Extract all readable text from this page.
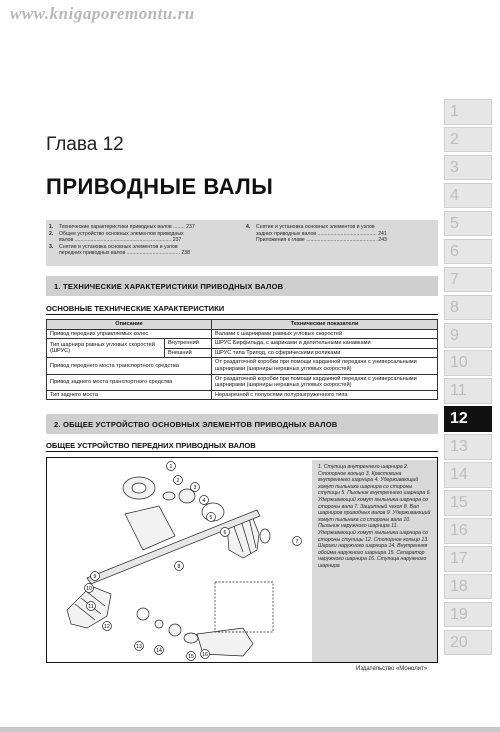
www.knigaporemontu.ru
Глава 12
ПРИВОДНЫЕ ВАЛЫ
1.	Технические характеристики приводных валов ........ 237
2.	Общее устройство основных элементов приводных
валов ................................................................... 237
3.	Снятие и установка основных элементов и узлов
передних приводных валов ..................................... 238
4.	Снятие и установка основных элементов и узлов
задних приводных валов ......................................... 241
Приложения к главе ................................................. 243
1. ТЕХНИЧЕСКИЕ ХАРАКТЕРИСТИКИ ПРИВОДНЫХ ВАЛОВ
ОСНОВНЫЕ ТЕХНИЧЕСКИЕ ХАРАКТЕРИСТИКИ
Описание		Технические показатели
Привод передних управляемых колес		Валами с шарнирами равных угловых скоростей
Тип шарнира равных угловых скоростей (ШРУС)	Внутренний	ШРУС Бирфильда, с шариками и делительными канавками
	Внешний	ШРУС типа Трипод, со сферическими роликами
Привод переднего моста транспортного средства		От раздаточной коробки при помощи карданной передачи с универсальными шарнирами (шарниры неравных угловых скоростей)
Привод заднего моста транспортного средства		От раздаточной коробки при помощи карданной передачи с универсальными шарнирами (шарниры неравных угловых скоростей)
Тип заднего моста		Неразрезной с полуосями полуразгруженного типа
2. ОБЩЕЕ УСТРОЙСТВО ОСНОВНЫХ ЭЛЕМЕНТОВ ПРИВОДНЫХ ВАЛОВ
ОБЩЕЕ УСТРОЙСТВО ПЕРЕДНИХ ПРИВОДНЫХ ВАЛОВ
1
2
3
4
5
6
7
8
9
10
11
12
13
14
15 16
1. Ступица внутреннего шарнира 2. Стопорное кольцо 3. Крестовина внутреннего шарнира 4. Удерживающий хомут пыльника шарнира со стороны ступицы 5. Пыльник внутреннего шарнира 6. Удерживающий хомут пыльника шарнира со стороны вала 7. Защитный чехол 8. Вал шарниров приводных валов 9. Удерживающий хомут пыльника со стороны вала 10. Пыльник наружного шарнира 11. Удерживающий хомут пыльника шарнира со стороны ступицы 12. Стопорное кольцо 13. Шарики наружного шарнира 14. Внутренняя обойма наружного шарнира 15. Сепаратор наружного шарнира 16. Ступица наружного шарнира
Издательство «Монолит»
1
2
3
4
5
6
7
8
9
10
11
12
13
14
15
16
17
18
19
20
